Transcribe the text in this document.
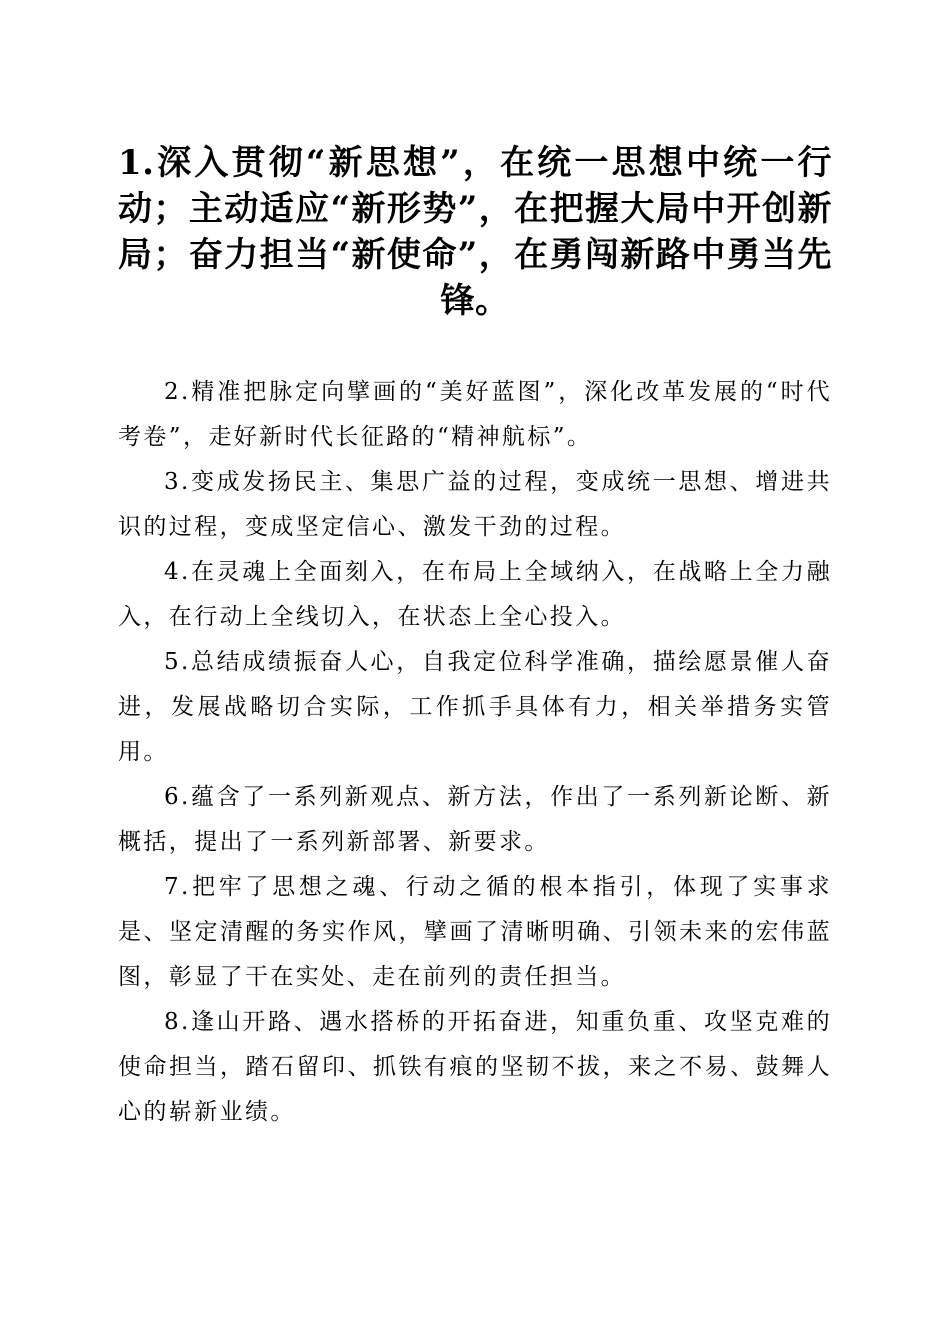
1.深入贯彻“新思想”，在统一思想中统一行动；主动适应“新形势”，在把握大局中开创新局；奋力担当“新使命”，在勇闯新路中勇当先锋。

2.精准把脉定向擘画的“美好蓝图”，深化改革发展的“时代考卷”，走好新时代长征路的“精神航标”。

3.变成发扬民主、集思广益的过程，变成统一思想、增进共识的过程，变成坚定信心、激发干劲的过程。

4.在灵魂上全面刻入，在布局上全域纳入，在战略上全力融入，在行动上全线切入，在状态上全心投入。

5.总结成绩振奋人心，自我定位科学准确，描绘愿景催人奋进，发展战略切合实际，工作抓手具体有力，相关举措务实管用。

6.蕴含了一系列新观点、新方法，作出了一系列新论断、新概括，提出了一系列新部署、新要求。

7.把牢了思想之魂、行动之循的根本指引，体现了实事求是、坚定清醒的务实作风，擘画了清晰明确、引领未来的宏伟蓝图，彰显了干在实处、走在前列的责任担当。

8.逢山开路、遇水搭桥的开拓奋进，知重负重、攻坚克难的使命担当，踏石留印、抓铁有痕的坚韧不拔，来之不易、鼓舞人心的崭新业绩。
